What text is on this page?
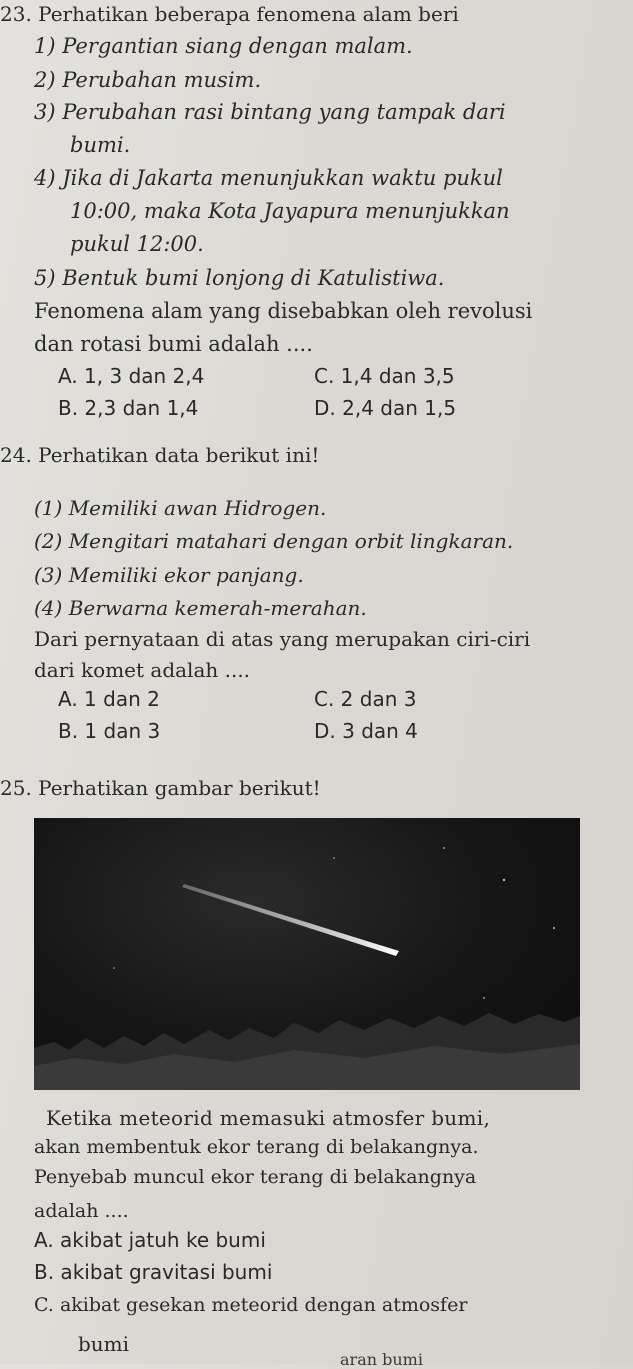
23. Perhatikan beberapa fenomena alam beri
1) Pergantian siang dengan malam.
2) Perubahan musim.
3) Perubahan rasi bintang yang tampak dari
bumi.
4) Jika di Jakarta menunjukkan waktu pukul
10:00, maka Kota Jayapura menunjukkan
pukul 12:00.
5) Bentuk bumi lonjong di Katulistiwa.
Fenomena alam yang disebabkan oleh revolusi
dan rotasi bumi adalah ....
A. 1, 3 dan 2,4	C. 1,4 dan 3,5
B. 2,3 dan 1,4	D. 2,4 dan 1,5
24. Perhatikan data berikut ini!
(1) Memiliki awan Hidrogen.
(2) Mengitari matahari dengan orbit lingkaran.
(3) Memiliki ekor panjang.
(4) Berwarna kemerah-merahan.
Dari pernyataan di atas yang merupakan ciri-ciri
dari komet adalah ....
A. 1 dan 2	C. 2 dan 3
B. 1 dan 3	D. 3 dan 4
25. Perhatikan gambar berikut!
Ketika meteorid memasuki atmosfer bumi,
akan membentuk ekor terang di belakangnya.
Penyebab muncul ekor terang di belakangnya
adalah ....
A. akibat jatuh ke bumi
B. akibat gravitasi bumi
C. akibat gesekan meteorid dengan atmosfer
bumi
aran bumi
